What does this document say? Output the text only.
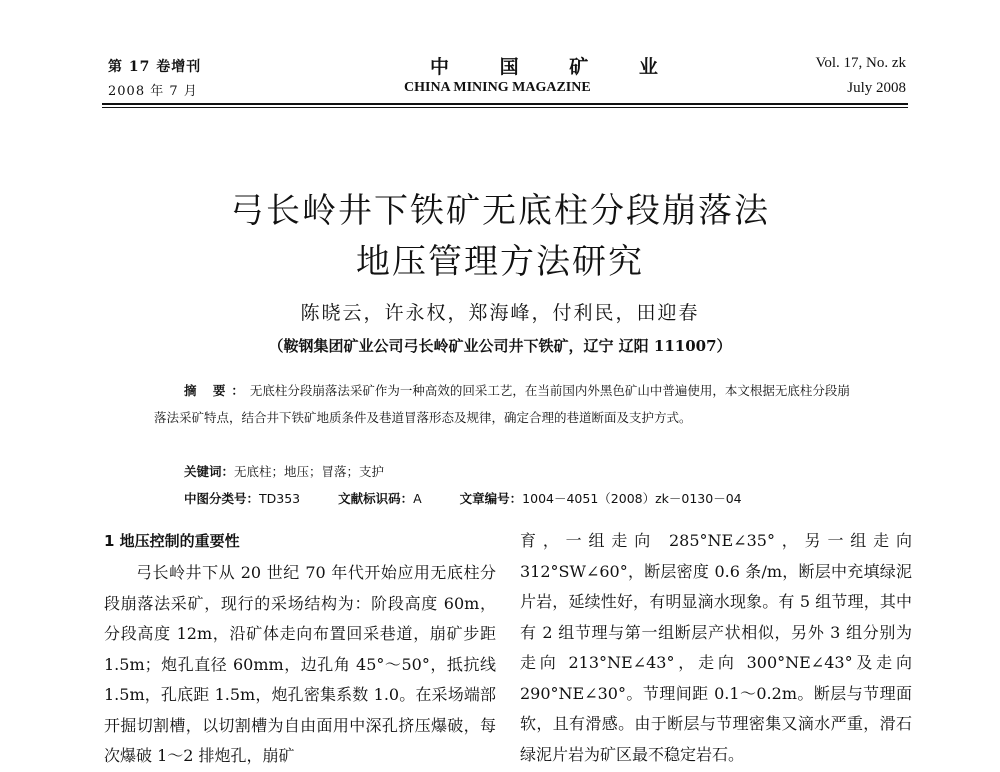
第 17 卷增刊
2008 年 7 月
中 国 矿 业
CHINA MINING MAGAZINE
Vol. 17, No. zk
July 2008
弓长岭井下铁矿无底柱分段崩落法
地压管理方法研究
陈晓云，许永权，郑海峰，付利民，田迎春
（鞍钢集团矿业公司弓长岭矿业公司井下铁矿，辽宁 辽阳 111007）
摘 要：无底柱分段崩落法采矿作为一种高效的回采工艺，在当前国内外黑色矿山中普遍使用，本文根据无底柱分段崩落法采矿特点，结合井下铁矿地质条件及巷道冒落形态及规律，确定合理的巷道断面及支护方式。
关键词：无底柱；地压；冒落；支护
中图分类号：TD353	文献标识码：A	文章编号：1004－4051（2008）zk－0130－04
1 地压控制的重要性
弓长岭井下从 20 世纪 70 年代开始应用无底柱分段崩落法采矿，现行的采场结构为：阶段高度 60m，分段高度 12m，沿矿体走向布置回采巷道，崩矿步距 1.5m；炮孔直径 60mm，边孔角 45°～50°，抵抗线 1.5m，孔底距 1.5m，炮孔密集系数 1.0。在采场端部开掘切割槽，以切割槽为自由面用中深孔挤压爆破，每次爆破 1～2 排炮孔，崩矿
育，一组走向 285°NE∠35°，另一组走向 312°SW∠60°，断层密度 0.6 条/m，断层中充填绿泥片岩，延续性好，有明显滴水现象。有 5 组节理，其中有 2 组节理与第一组断层产状相似，另外 3 组分别为走向 213°NE∠43°，走向 300°NE∠43°及走向 290°NE∠30°。节理间距 0.1～0.2m。断层与节理面软，且有滑感。由于断层与节理密集又滴水严重，滑石绿泥片岩为矿区最不稳定岩石。
